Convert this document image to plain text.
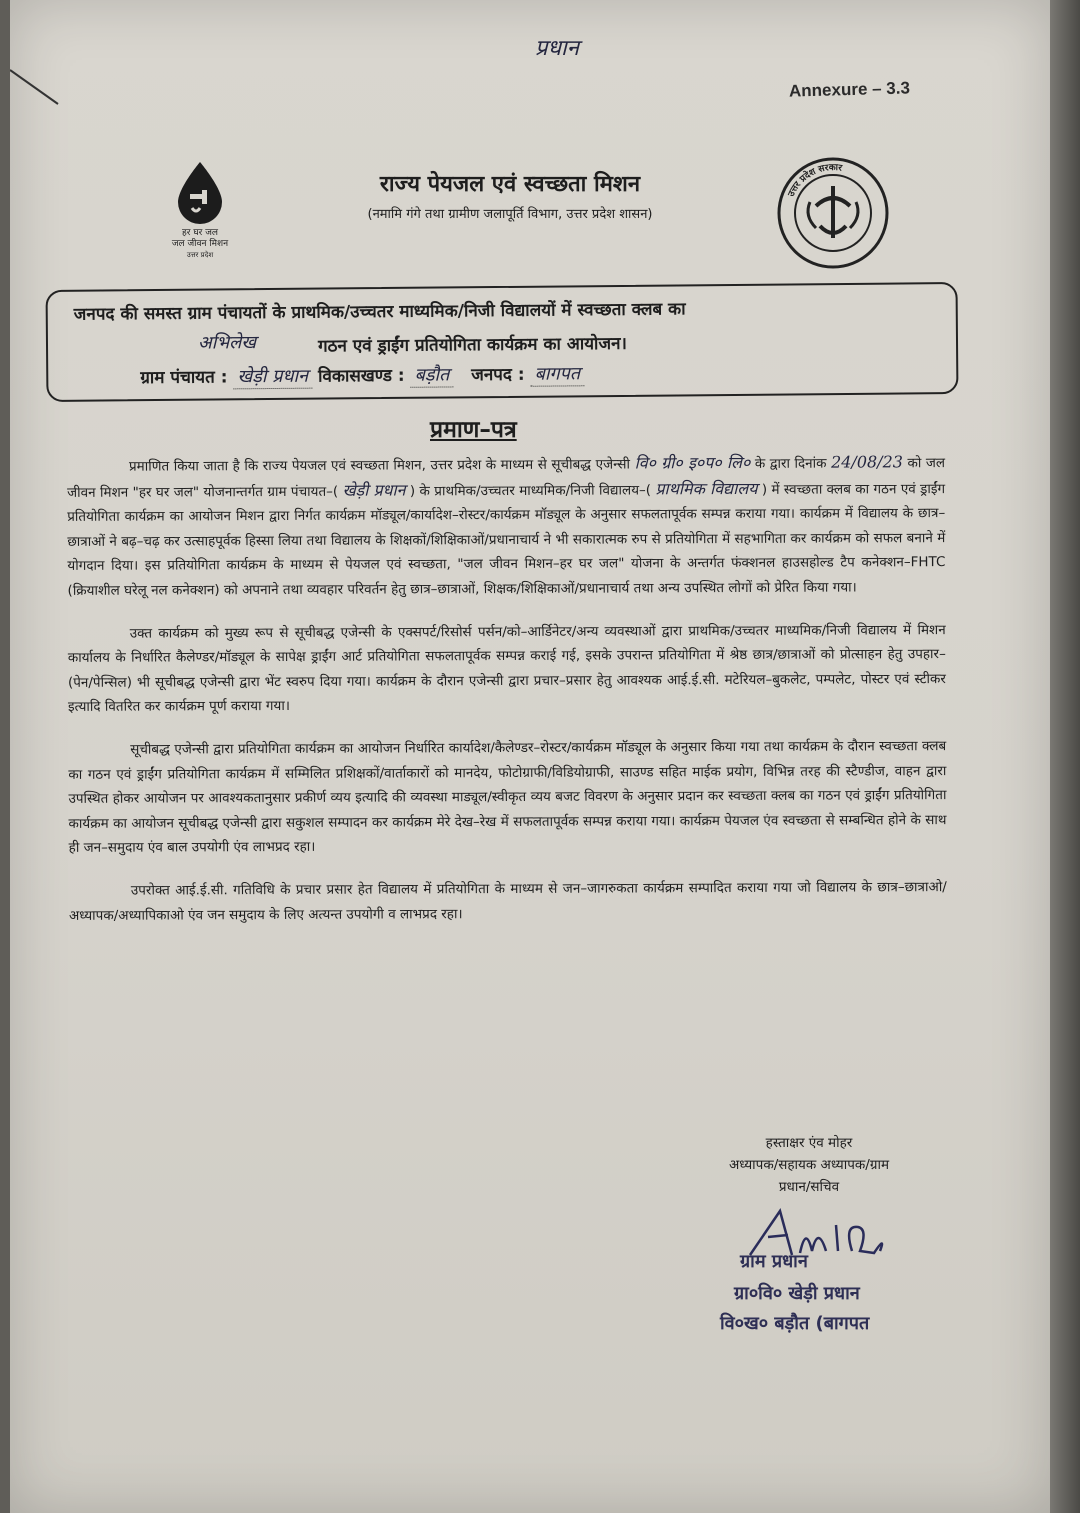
प्रधान
Annexure – 3.3
हर घर जल
जल जीवन मिशन
उत्तर प्रदेश
उत्तर प्रदेश सरकार
राज्य पेयजल एवं स्वच्छता मिशन
(नमामि गंगे तथा ग्रामीण जलापूर्ति विभाग, उत्तर प्रदेश शासन)
जनपद की समस्त ग्राम पंचायतों के प्राथमिक/उच्चतर माध्यमिक/निजी विद्यालयों में स्वच्छता क्लब का
अभिलेख	गठन एवं ड्राईंग प्रतियोगिता कार्यक्रम का आयोजन।
ग्राम पंचायत : खेड़ी प्रधान विकासखण्ड : बड़ौत जनपद : बागपत
प्रमाण–पत्र

प्रमाणित किया जाता है कि राज्य पेयजल एवं स्वच्छता मिशन, उत्तर प्रदेश के माध्यम से सूचीबद्ध एजेन्सी वि० ग्री० इ०प० लि० के द्वारा दिनांक 24/08/23 को जल जीवन मिशन "हर घर जल" योजनान्तर्गत ग्राम पंचायत–( खेड़ी प्रधान ) के प्राथमिक/उच्चतर माध्यमिक/निजी विद्यालय–( प्राथमिक विद्यालय ) में स्वच्छता क्लब का गठन एवं ड्राईंग प्रतियोगिता कार्यक्रम का आयोजन मिशन द्वारा निर्गत कार्यक्रम मॉड्यूल/कार्यादेश–रोस्टर/कार्यक्रम मॉड्यूल के अनुसार सफलतापूर्वक सम्पन्न कराया गया। कार्यक्रम में विद्यालय के छात्र–छात्राओं ने बढ़–चढ़ कर उत्साहपूर्वक हिस्सा लिया तथा विद्यालय के शिक्षकों/शिक्षिकाओं/प्रधानाचार्य ने भी सकारात्मक रुप से प्रतियोगिता में सहभागिता कर कार्यक्रम को सफल बनाने में योगदान दिया। इस प्रतियोगिता कार्यक्रम के माध्यम से पेयजल एवं स्वच्छता, "जल जीवन मिशन–हर घर जल" योजना के अन्तर्गत फंक्शनल हाउसहोल्ड टैप कनेक्शन–FHTC (क्रियाशील घरेलू नल कनेक्शन) को अपनाने तथा व्यवहार परिवर्तन हेतु छात्र–छात्राओं, शिक्षक/शिक्षिकाओं/प्रधानाचार्य तथा अन्य उपस्थित लोगों को प्रेरित किया गया।

उक्त कार्यक्रम को मुख्य रूप से सूचीबद्ध एजेन्सी के एक्सपर्ट/रिसोर्स पर्सन/को–आर्डिनेटर/अन्य व्यवस्थाओं द्वारा प्राथमिक/उच्चतर माध्यमिक/निजी विद्यालय में मिशन कार्यालय के निर्धारित कैलेण्डर/मॉड्यूल के सापेक्ष ड्राईंग आर्ट प्रतियोगिता सफलतापूर्वक सम्पन्न कराई गई, इसके उपरान्त प्रतियोगिता में श्रेष्ठ छात्र/छात्राओं को प्रोत्साहन हेतु उपहार–(पेन/पेन्सिल) भी सूचीबद्ध एजेन्सी द्वारा भेंट स्वरुप दिया गया। कार्यक्रम के दौरान एजेन्सी द्वारा प्रचार–प्रसार हेतु आवश्यक आई.ई.सी. मटेरियल–बुकलेट, पम्पलेट, पोस्टर एवं स्टीकर इत्यादि वितरित कर कार्यक्रम पूर्ण कराया गया।

सूचीबद्ध एजेन्सी द्वारा प्रतियोगिता कार्यक्रम का आयोजन निर्धारित कार्यादेश/कैलेण्डर–रोस्टर/कार्यक्रम मॉड्यूल के अनुसार किया गया तथा कार्यक्रम के दौरान स्वच्छता क्लब का गठन एवं ड्राईंग प्रतियोगिता कार्यक्रम में सम्मिलित प्रशिक्षकों/वार्ताकारों को मानदेय, फोटोग्राफी/विडियोग्राफी, साउण्ड सहित माईक प्रयोग, विभिन्न तरह की स्टैण्डीज, वाहन द्वारा उपस्थित होकर आयोजन पर आवश्यकतानुसार प्रकीर्ण व्यय इत्यादि की व्यवस्था माड्यूल/स्वीकृत व्यय बजट विवरण के अनुसार प्रदान कर स्वच्छता क्लब का गठन एवं ड्राईंग प्रतियोगिता कार्यक्रम का आयोजन सूचीबद्ध एजेन्सी द्वारा सकुशल सम्पादन कर कार्यक्रम मेरे देख–रेख में सफलतापूर्वक सम्पन्न कराया गया। कार्यक्रम पेयजल एंव स्वच्छता से सम्बन्धित होने के साथ ही जन–समुदाय एंव बाल उपयोगी एंव लाभप्रद रहा।

उपरोक्त आई.ई.सी. गतिविधि के प्रचार प्रसार हेत विद्यालय में प्रतियोगिता के माध्यम से जन–जागरुकता कार्यक्रम सम्पादित कराया गया जो विद्यालय के छात्र–छात्राओ/अध्यापक/अध्यापिकाओ एंव जन समुदाय के लिए अत्यन्त उपयोगी व लाभप्रद रहा।

हस्ताक्षर एंव मोहर
अध्यापक/सहायक अध्यापक/ग्राम
प्रधान/सचिव
ग्राम प्रधान
ग्रा०वि० खेड़ी प्रधान
वि०ख० बड़ौत (बागपत
